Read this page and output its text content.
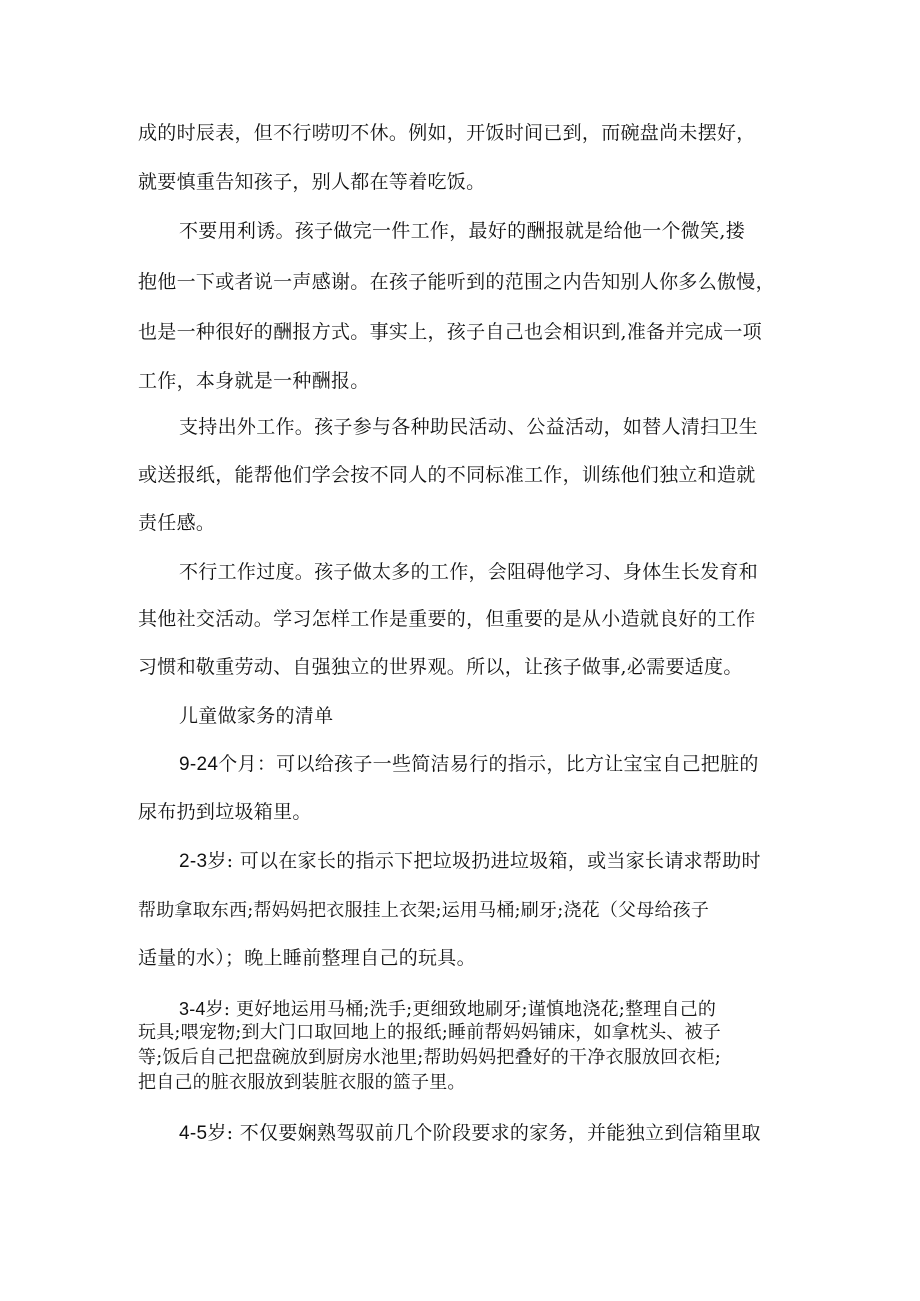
成的时辰表，但不行唠叨不休。例如，开饭时间已到，而碗盘尚未摆好，
就要慎重告知孩子，别人都在等着吃饭。
不要用利诱。孩子做完一件工作，最好的酬报就是给他一个微笑,搂
抱他一下或者说一声感谢。在孩子能听到的范围之内告知别人你多么傲慢，
也是一种很好的酬报方式。事实上，孩子自己也会相识到,准备并完成一项
工作，本身就是一种酬报。
支持出外工作。孩子参与各种助民活动、公益活动，如替人清扫卫生
或送报纸，能帮他们学会按不同人的不同标准工作，训练他们独立和造就
责任感。
不行工作过度。孩子做太多的工作，会阻碍他学习、身体生长发育和
其他社交活动。学习怎样工作是重要的，但重要的是从小造就良好的工作
习惯和敬重劳动、自强独立的世界观。所以，让孩子做事,必需要适度。
儿童做家务的清单
9-24个月：可以给孩子一些简洁易行的指示，比方让宝宝自己把脏的
尿布扔到垃圾箱里。
2-3岁: 可以在家长的指示下把垃圾扔进垃圾箱，或当家长请求帮助时
帮助拿取东西;帮妈妈把衣服挂上衣架;运用马桶;刷牙;浇花（父母给孩子
适量的水）；晚上睡前整理自己的玩具。
3-4岁: 更好地运用马桶;洗手;更细致地刷牙;谨慎地浇花;整理自己的
玩具;喂宠物;到大门口取回地上的报纸;睡前帮妈妈铺床，如拿枕头、被子
等;饭后自己把盘碗放到厨房水池里;帮助妈妈把叠好的干净衣服放回衣柜;
把自己的脏衣服放到装脏衣服的篮子里。
4-5岁: 不仅要娴熟驾驭前几个阶段要求的家务，并能独立到信箱里取
